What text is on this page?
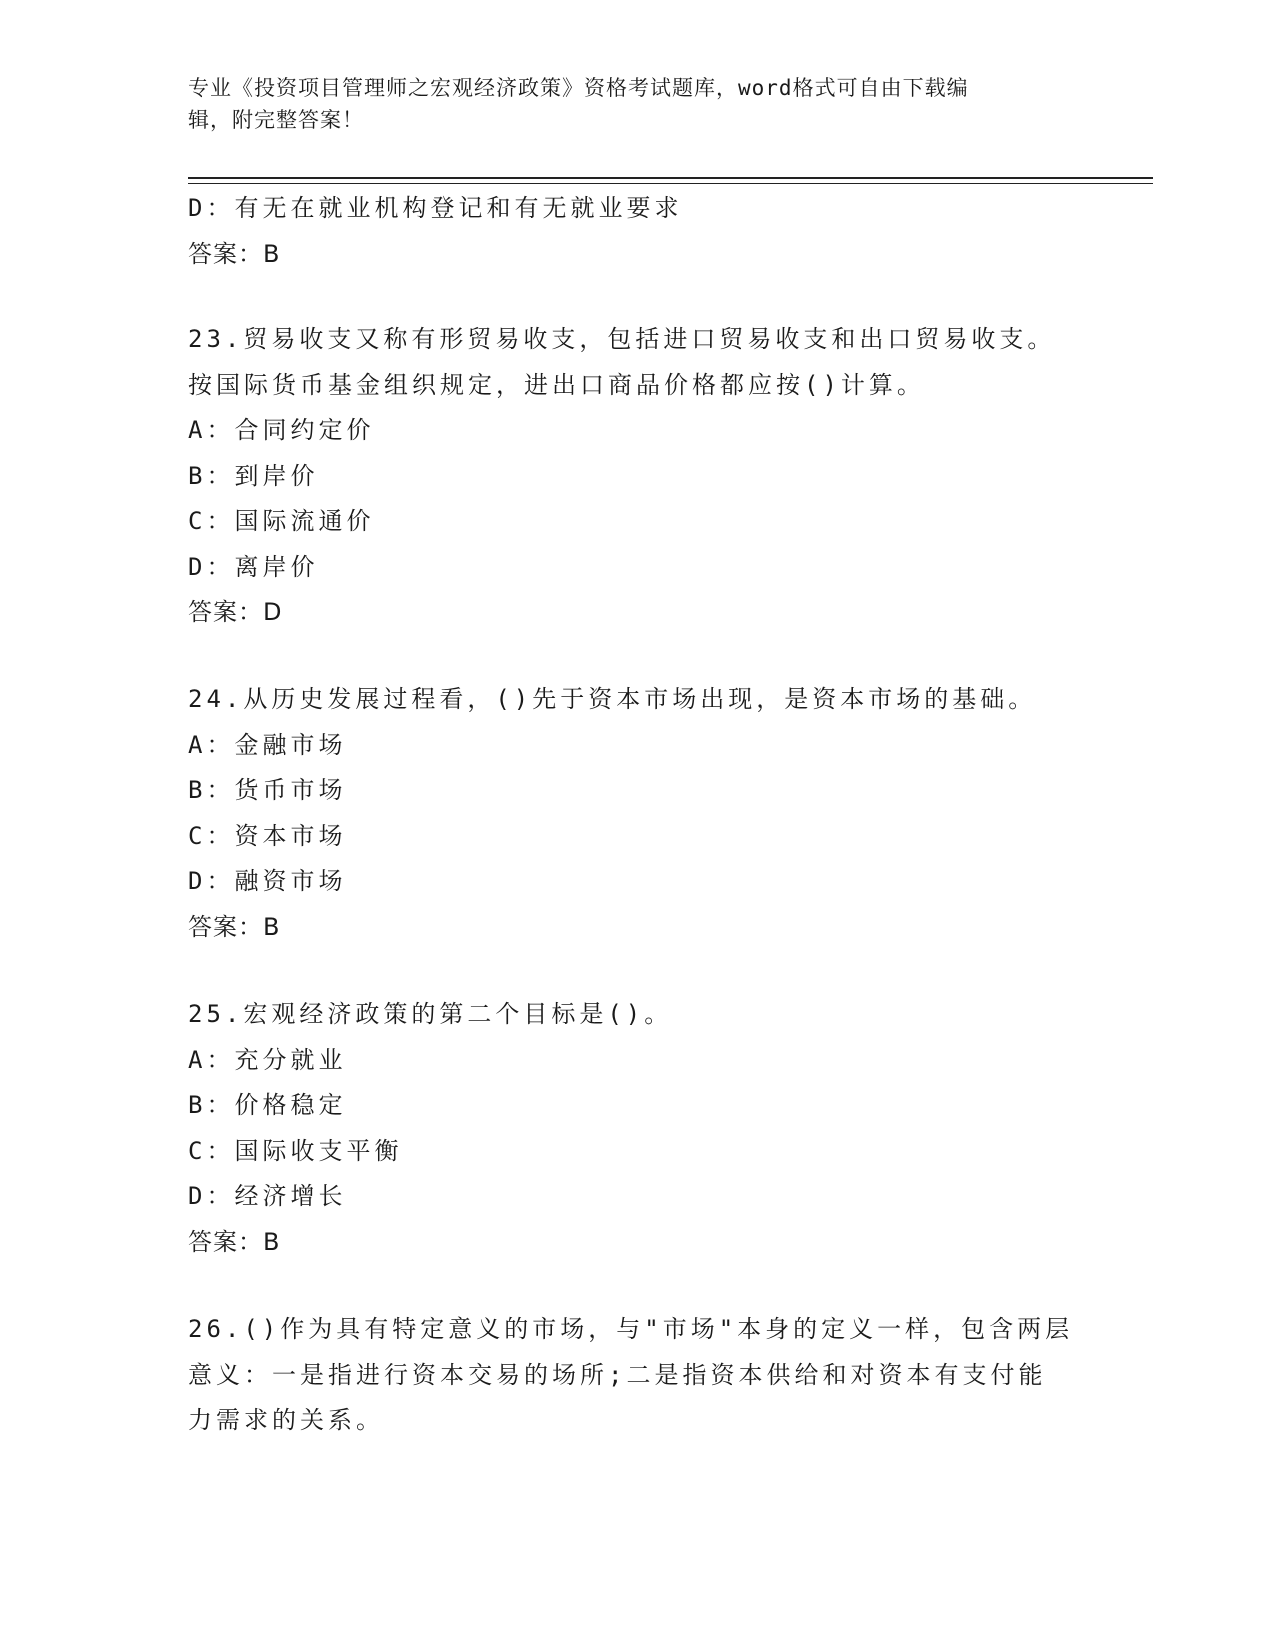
专业《投资项目管理师之宏观经济政策》资格考试题库，word格式可自由下载编
辑，附完整答案！
D：有无在就业机构登记和有无就业要求
答案：B
23.贸易收支又称有形贸易收支，包括进口贸易收支和出口贸易收支。
按国际货币基金组织规定，进出口商品价格都应按()计算。
A：合同约定价
B：到岸价
C：国际流通价
D：离岸价
答案：D
24.从历史发展过程看，()先于资本市场出现，是资本市场的基础。
A：金融市场
B：货币市场
C：资本市场
D：融资市场
答案：B
25.宏观经济政策的第二个目标是()。
A：充分就业
B：价格稳定
C：国际收支平衡
D：经济增长
答案：B
26.()作为具有特定意义的市场，与"市场"本身的定义一样，包含两层
意义：一是指进行资本交易的场所;二是指资本供给和对资本有支付能
力需求的关系。
